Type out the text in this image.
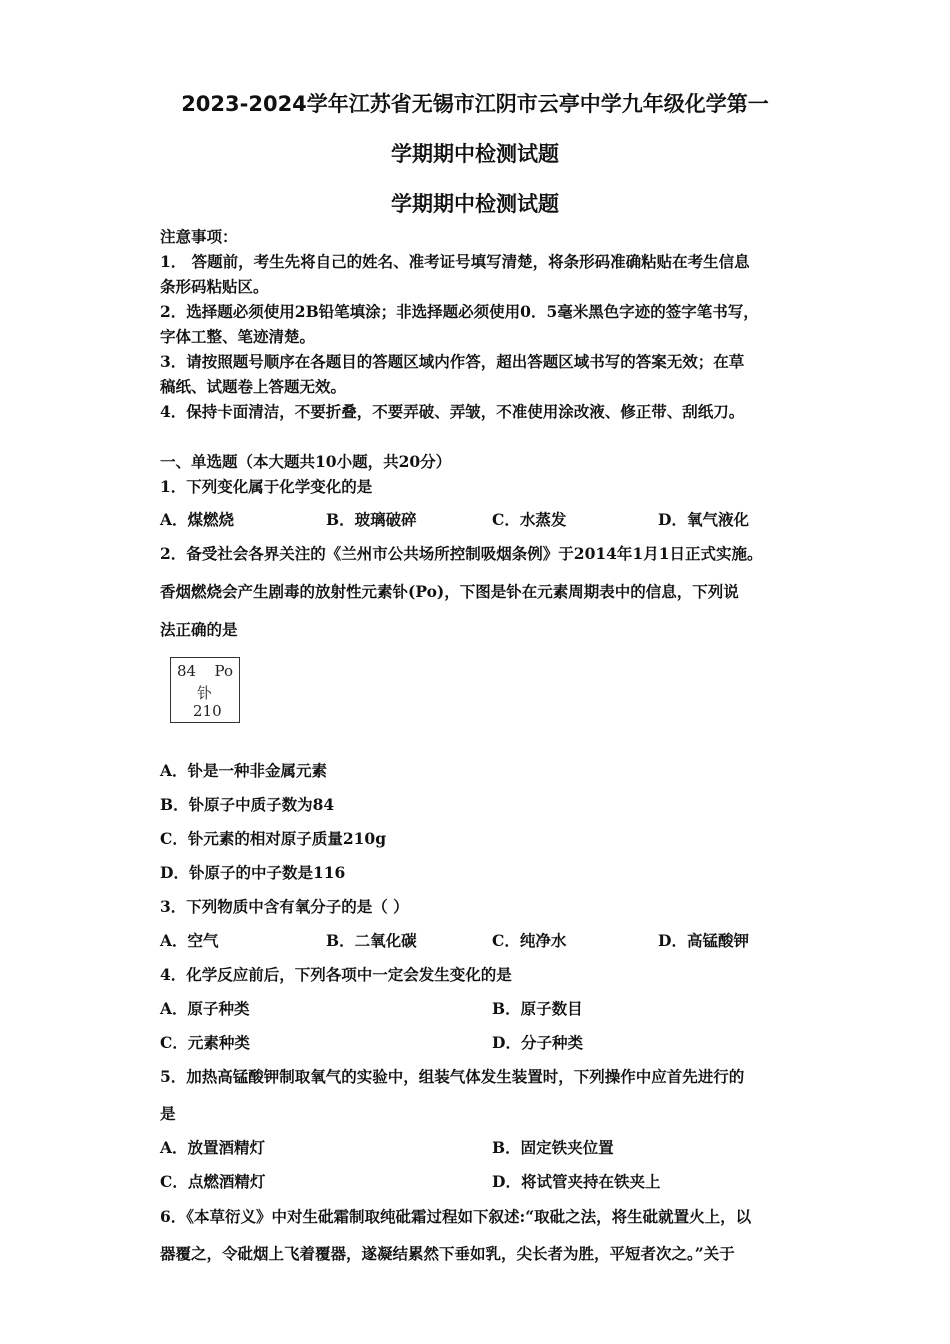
2023-2024学年江苏省无锡市江阴市云亭中学九年级化学第一
学期期中检测试题
学期期中检测试题
注意事项：
1． 答题前，考生先将自己的姓名、准考证号填写清楚，将条形码准确粘贴在考生信息
条形码粘贴区。
2．选择题必须使用2B铅笔填涂；非选择题必须使用0．5毫米黑色字迹的签字笔书写，
字体工整、笔迹清楚。
3．请按照题号顺序在各题目的答题区域内作答，超出答题区域书写的答案无效；在草
稿纸、试题卷上答题无效。
4．保持卡面清洁，不要折叠，不要弄破、弄皱，不准使用涂改液、修正带、刮纸刀。
一、单选题（本大题共10小题，共20分）
1．下列变化属于化学变化的是
A．煤燃烧	B．玻璃破碎	C．水蒸发	D．氧气液化
2．备受社会各界关注的《兰州市公共场所控制吸烟条例》于2014年1月1日正式实施。
香烟燃烧会产生剧毒的放射性元素钋(Po)，下图是钋在元素周期表中的信息，下列说
法正确的是
84 Po
钋
210
A．钋是一种非金属元素
B．钋原子中质子数为84
C．钋元素的相对原子质量210g
D．钋原子的中子数是116
3．下列物质中含有氧分子的是（ ）
A．空气	B．二氧化碳	C．纯净水	D．高锰酸钾
4．化学反应前后，下列各项中一定会发生变化的是
A．原子种类	B．原子数目
C．元素种类	D．分子种类
5．加热高锰酸钾制取氧气的实验中，组装气体发生装置时，下列操作中应首先进行的
是
A．放置酒精灯	B．固定铁夹位置
C．点燃酒精灯	D．将试管夹持在铁夹上
6．《本草衍义》中对生砒霜制取纯砒霜过程如下叙述:“取砒之法，将生砒就置火上，以
器覆之，令砒烟上飞着覆器，遂凝结累然下垂如乳，尖长者为胜，平短者次之。”关于
